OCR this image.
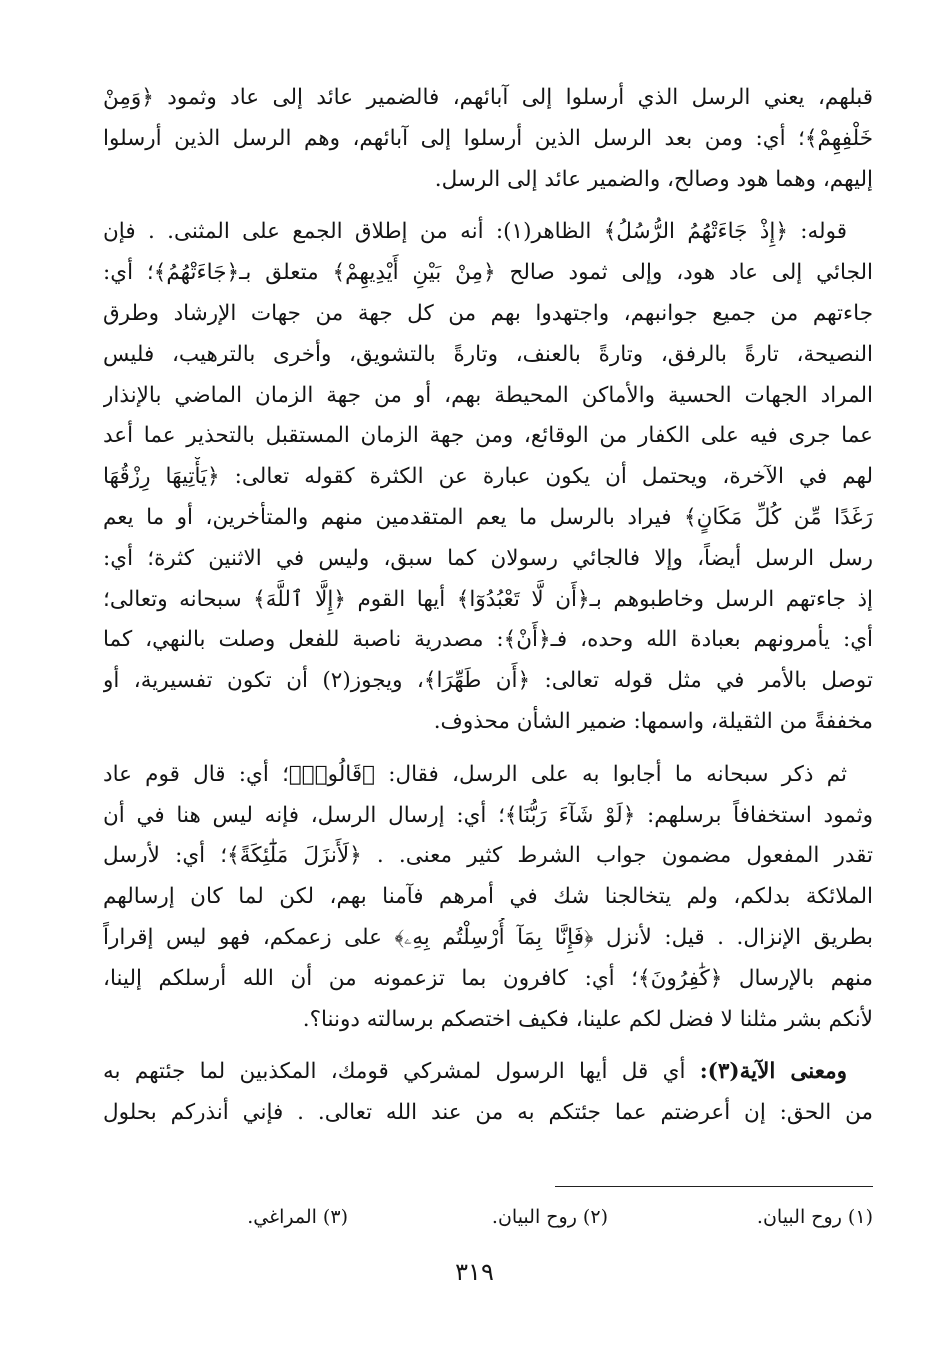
قبلهم، يعني الرسل الذي أرسلوا إلى آبائهم، فالضمير عائد إلى عاد وثمود ﴿وَمِنْ
خَلْفِهِمْ﴾؛ أي: ومن بعد الرسل الذين أرسلوا إلى آبائهم، وهم الرسل الذين أرسلوا
إليهم، وهما هود وصالح، والضمير عائد إلى الرسل.

قوله: ﴿إِذْ جَاءَتْهُمُ الرُّسُلُ﴾ الظاهر(١): أنه من إطلاق الجمع على المثنى. . فإن
الجائي إلى عاد هود، وإلى ثمود صالح ﴿مِنْ بَيْنِ أَيْدِيهِمْ﴾ متعلق بـ﴿جَاءَتْهُمُ﴾؛ أي:
جاءتهم من جميع جوانبهم، واجتهدوا بهم من كل جهة من جهات الإرشاد وطرق
النصيحة، تارةً بالرفق، وتارةً بالعنف، وتارةً بالتشويق، وأخرى بالترهيب، فليس
المراد الجهات الحسية والأماكن المحيطة بهم، أو من جهة الزمان الماضي بالإنذار
عما جرى فيه على الكفار من الوقائع، ومن جهة الزمان المستقبل بالتحذير عما أعد
لهم في الآخرة، ويحتمل أن يكون عبارة عن الكثرة كقوله تعالى: ﴿يَأْتِيهَا رِزْقُهَا
رَغَدًا مِّن كُلِّ مَكَانٍ﴾ فيراد بالرسل ما يعم المتقدمين منهم والمتأخرين، أو ما يعم
رسل الرسل أيضاً، وإلا فالجائي رسولان كما سبق، وليس في الاثنين كثرة؛ أي:
إذ جاءتهم الرسل وخاطبوهم بـ﴿أَن لَّا تَعْبُدُوٓا﴾ أيها القوم ﴿إِلَّا ٱللَّهَ﴾ سبحانه وتعالى؛
أي: يأمرونهم بعبادة الله وحده، فـ﴿أَنْ﴾: مصدرية ناصبة للفعل وصلت بالنهي، كما
توصل بالأمر في مثل قوله تعالى: ﴿أَن طَهِّرَا﴾، ويجوز(٢) أن تكون تفسيرية، أو
مخففةً من الثقيلة، واسمها: ضمير الشأن محذوف.

ثم ذكر سبحانه ما أجابوا به على الرسل، فقال: ﴿قَالُوا۟﴾؛ أي: قال قوم عاد
وثمود استخفافاً برسلهم: ﴿لَوْ شَآءَ رَبُّنَا﴾؛ أي: إرسال الرسل، فإنه ليس هنا في أن
تقدر المفعول مضمون جواب الشرط كثير معنى. . ﴿لَأَنزَلَ مَلَٰٓئِكَةً﴾؛ أي: لأرسل
الملائكة بدلكم، ولم يتخالجنا شك في أمرهم فآمنا بهم، لكن لما كان إرسالهم
بطريق الإنزال. . قيل: لأنزل ﴿فَإِنَّا بِمَآ أُرْسِلْتُم بِهِۦ﴾ على زعمكم، فهو ليس إقراراً
منهم بالإرسال ﴿كَٰفِرُونَ﴾؛ أي: كافرون بما تزعمونه من أن الله أرسلكم إلينا،
لأنكم بشر مثلنا لا فضل لكم علينا، فكيف اختصكم برسالته دوننا؟.

ومعنى الآية(٣): أي قل أيها الرسول لمشركي قومك، المكذبين لما جئتهم به
من الحق: إن أعرضتم عما جئتكم به من عند الله تعالى. . فإني أنذركم بحلول

(١) روح البيان.
(٢) روح البيان.
(٣) المراغي.
٣١٩
